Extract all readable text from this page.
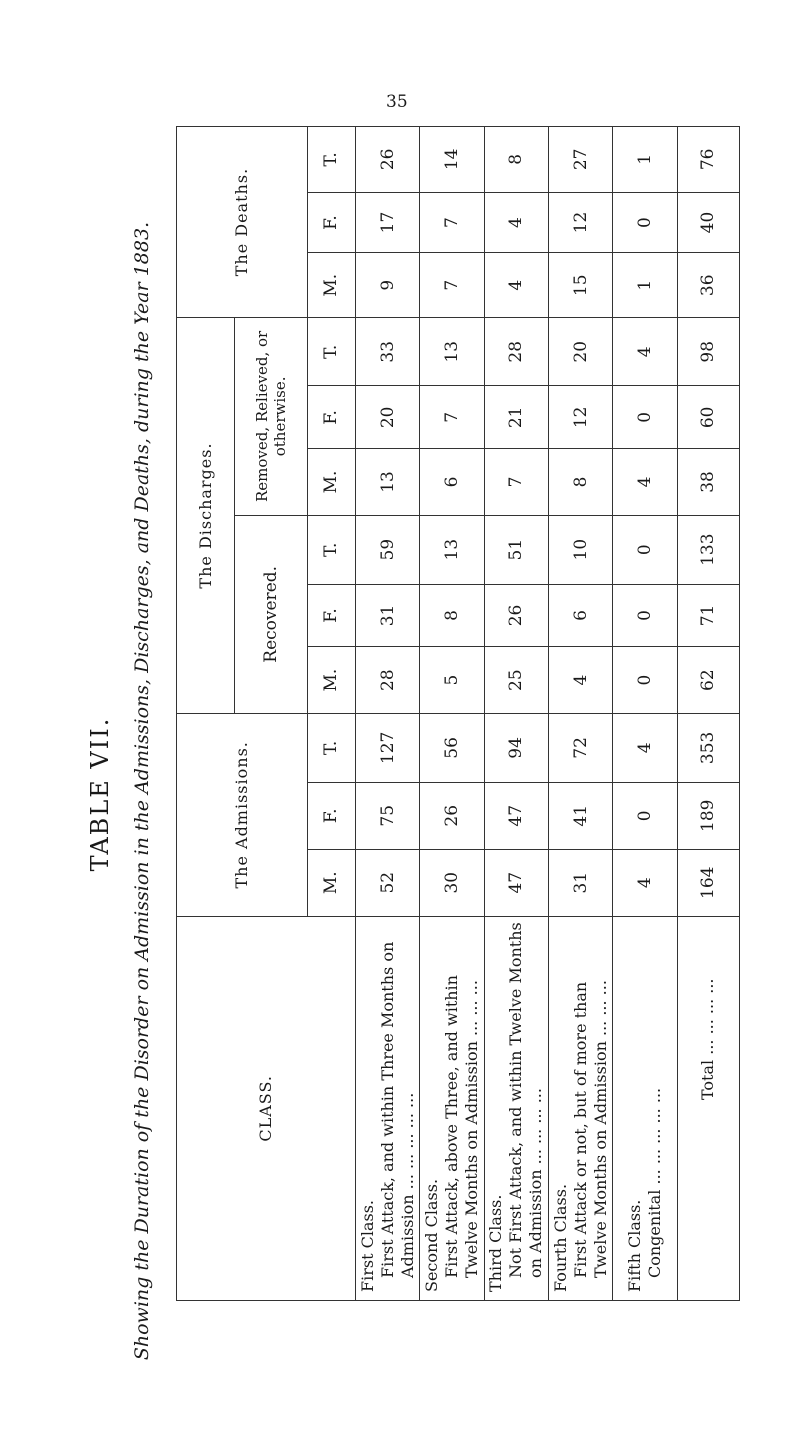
35
TABLE VII. Showing the Duration of the Disorder on Admission in the Admissions, Discharges, and Deaths, during the Year 1883.	CLASS.	The Admissions.			The Discharges.						The Deaths.		
				Recovered.			Removed, Relieved, or otherwise.					
	M.	F.	T.	M.	F.	T.	M.	F.	T.	M.	F.	T.

First Class. First Attack, and within Three Months on Admission ... ... ... ... ...	52	75	127	28	31	59	13	20	33	9	17	26

Second Class. First Attack, above Three, and within Twelve Months on Admission ... ... ...	30	26	56	5	8	13	6	7	13	7	7	14

Third Class. Not First Attack, and within Twelve Months on Admission ... ... ... ...	47	47	94	25	26	51	7	21	28	4	4	8

Fourth Class. First Attack or not, but of more than Twelve Months on Admission ... ... ...	31	41	72	4	6	10	8	12	20	15	12	27

Fifth Class. Congenital ... ... ... ... ...	4	0	4	0	0	0	4	0	4	1	0	1
Total ... ... ... ...	164	189	353	62	71	133	38	60	98	36	40	76
